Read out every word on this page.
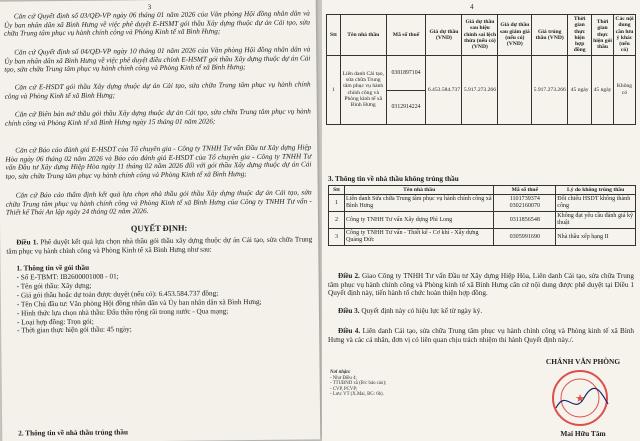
3
Căn cứ Quyết định số 03/QĐ-VP ngày 06 tháng 01 năm 2026 của Văn phòng Hội đồng nhân dân và Ủy ban nhân dân xã Bình Hưng về việc phê duyệt E-HSMT gói thầu Xây dựng thuộc dự án Cải tạo, sửa chữa Trung tâm phục vụ hành chính công và Phòng Kinh tế xã Bình Hưng;
Căn cứ Quyết định số 04/QĐ-VP ngày 10 tháng 01 năm 2026 của Văn phòng Hội đồng nhân dân và Ủy ban nhân dân xã Bình Hưng về việc phê duyệt điều chỉnh E-HSMT gói thầu Xây dựng thuộc dự án Cải tạo, sửa chữa Trung tâm phục vụ hành chính công và Phòng Kinh tế xã Bình Hưng;
Căn cứ E-HSDT gói thầu Xây dựng thuộc dự án Cải tạo, sửa chữa Trung tâm phục vụ hành chính công và Phòng Kinh tế xã Bình Hưng;
Căn cứ Biên bản mở thầu gói thầu Xây dựng thuộc dự án Cải tạo, sửa chữa Trung tâm phục vụ hành chính công và Phòng Kinh tế xã Bình Hưng ngày 15 tháng 01 năm 2026;
Căn cứ Báo cáo đánh giá E-HSDT của Tổ chuyên gia - Công ty TNHH Tư vấn Đầu tư Xây dựng Hiệp Hòa ngày 06 tháng 02 năm 2026 và Báo cáo đánh giá E-HSDT của Tổ chuyên gia - Công ty TNHH Tư vấn Đầu tư Xây dựng Hiệp Hòa ngày 11 tháng 02 năm 2026 đối với gói thầu Xây dựng thuộc dự án Cải tạo, sửa chữa Trung tâm phục vụ hành chính công và Phòng Kinh tế xã Bình Hưng;
Căn cứ Báo cáo thẩm định kết quả lựa chọn nhà thầu gói thầu Xây dựng thuộc dự án Cải tạo, sửa chữa Trung tâm phục vụ hành chính công và Phòng Kinh tế xã Bình Hưng của Công ty TNHH Tư vấn - Thiết kế Thái An lập ngày 24 tháng 02 năm 2026.
QUYẾT ĐỊNH:
Điều 1. Phê duyệt kết quả lựa chọn nhà thầu gói thầu xây dựng thuộc dự án Cải tạo, sửa chữa Trung tâm phục vụ hành chính công và Phòng Kinh tế xã Bình Hưng như sau:
1. Thông tin về gói thầu
- Số E-TBMT: IB2600001008 - 01;
- Tên gói thầu: Xây dựng;
- Giá gói thầu hoặc dự toán được duyệt (nếu có): 6.453.584.737 đồng;
- Tên Chủ đầu tư: Văn phòng Hội đồng nhân dân và Ủy ban nhân dân xã Bình Hưng;
- Hình thức lựa chọn nhà thầu: Đấu thầu rộng rãi trong nước - Qua mạng;
- Loại hợp đồng: Trọn gói;
- Thời gian thực hiện gói thầu: 45 ngày;
2. Thông tin về nhà thầu trúng thầu
4
Stt	Tên nhà thầu	Mã số thuế	Giá dự thầu (VND)	Giá dự thầu sau hiệu chỉnh sai lệch thừa (nếu có) (VND)	Giá dự thầu sau giảm giá (nếu có) (VND)	Giá trúng thầu (VND)	Thời gian thực hiện hợp đồng	Thời gian thực hiện gói thầu	Các nội dung cần lưu ý khác (nếu có)
1	Liên danh Cải tạo, sửa chữa Trung tâm phục vụ hành chính công và Phòng kinh tế xã Bình Hưng	0301897104
0312914224	6.453.584.737	5.917.273.266		5.917.273.266	45 ngày	45 ngày	Không có
3. Thông tin về nhà thầu không trúng thầu
Stt	Tên nhà thầu	Mã số thuế	Lý do không trúng thầu
1	Liên danh Sửa chữa Trung tâm phục vụ hành chính công xã Bình Hưng	1101739374
0302160070	Đối chiếu HSDT không thành công
2	Công ty TNHH Tư vấn Xây dựng Phì Long	0311856548	Không đạt yêu cầu đánh giá kỹ thuật
3	Công ty TNHH Tư vấn - Thiết kế - Cơ khí - Xây dựng Quảng Đức	0305991690	Nhà thầu xếp hạng II
Điều 2. Giao Công ty TNHH Tư vấn Đầu tư Xây dựng Hiệp Hòa, Liên danh Cải tạo, sửa chữa Trung tâm phục vụ hành chính công và Phòng kinh tế xã Bình Hưng căn cứ nội dung được phê duyệt tại Điều 1 Quyết định này, tiến hành tổ chức hoàn thiện hợp đồng.
Điều 3. Quyết định này có hiệu lực kể từ ngày ký.
Điều 4. Liên danh Cải tạo, sửa chữa Trung tâm phục vụ hành chính công và Phòng kinh tế xã Bình Hưng và các cá nhân, đơn vị có liên quan chịu trách nhiệm thi hành Quyết định này./.
Nơi nhận:
- Như Điều 4;
- TTUBND xã (B/c báo cáo);
- CVP, PCVP;
- Lưu: VT (X.Mai, BG: 6b).
CHÁNH VĂN PHÒNG
★
Mai Hữu Tâm
